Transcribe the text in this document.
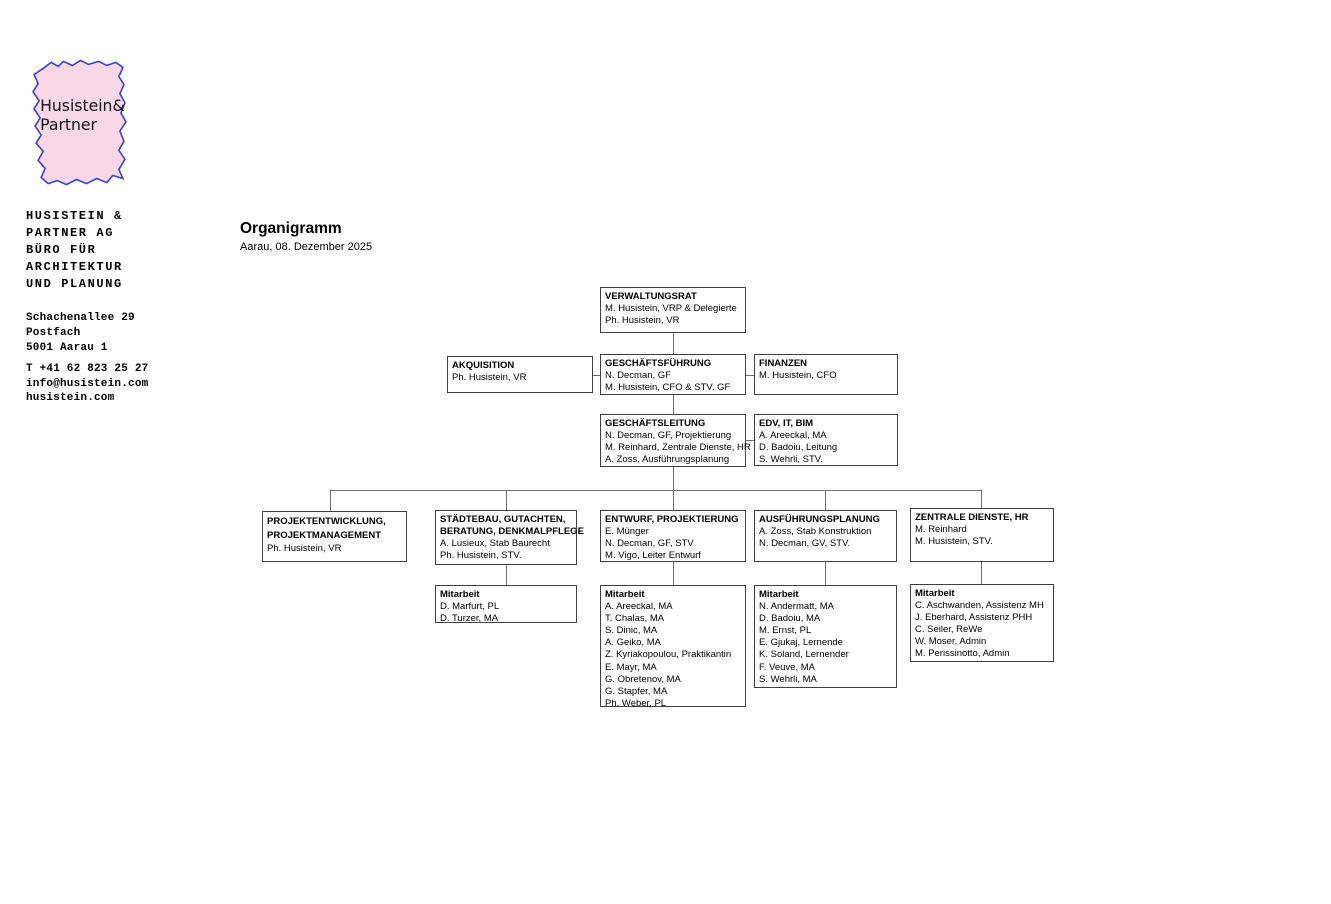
Husistein&
Partner
HUSISTEIN &
PARTNER AG
BÜRO FÜR
ARCHITEKTUR
UND PLANUNG
Schachenallee 29
Postfach
5001 Aarau 1
T +41 62 823 25 27
info@husistein.com
husistein.com
Organigramm
Aarau, 08. Dezember 2025
VERWALTUNGSRAT
M. Husistein, VRP & Delegierte
Ph. Husistein, VR
AKQUISITION
Ph. Husistein, VR
GESCHÄFTSFÜHRUNG
N. Decman, GF
M. Husistein, CFO & STV. GF
FINANZEN
M. Husistein, CFO
GESCHÄFTSLEITUNG
N. Decman, GF, Projektierung
M. Reinhard, Zentrale Dienste, HR
A. Zoss, Ausführungsplanung
EDV, IT, BIM
A. Areeckal, MA
D. Badoiu, Leitung
S. Wehrli, STV.
PROJEKTENTWICKLUNG,
PROJEKTMANAGEMENT
Ph. Husistein, VR
STÄDTEBAU, GUTACHTEN,
BERATUNG, DENKMALPFLEGE
A. Lusieux, Stab Baurecht
Ph. Husistein, STV.
ENTWURF, PROJEKTIERUNG
E. Münger
N. Decman, GF, STV
M. Vigo, Leiter Entwurf
AUSFÜHRUNGSPLANUNG
A. Zoss, Stab Konstruktion
N. Decman, GV, STV.
ZENTRALE DIENSTE, HR
M. Reinhard
M. Husistein, STV.
Mitarbeit
D. Marfurt, PL
D. Turzer, MA
Mitarbeit
A. Areeckal, MA
T. Chalas, MA
S. Dinic, MA
A. Geiko, MA
Z. Kyriakopoulou, Praktikantin
E. Mayr, MA
G. Obretenov, MA
G. Stapfer, MA
Ph. Weber, PL
Mitarbeit
N. Andermatt, MA
D. Badoiu, MA
M. Ernst, PL
E. Gjukaj, Lernende
K. Soland, Lernender
F. Veuve, MA
S. Wehrli, MA
Mitarbeit
C. Aschwanden, Assistenz MH
J. Eberhard, Assistenz PHH
C. Seiler, ReWe
W. Moser, Admin
M. Perissinotto, Admin
